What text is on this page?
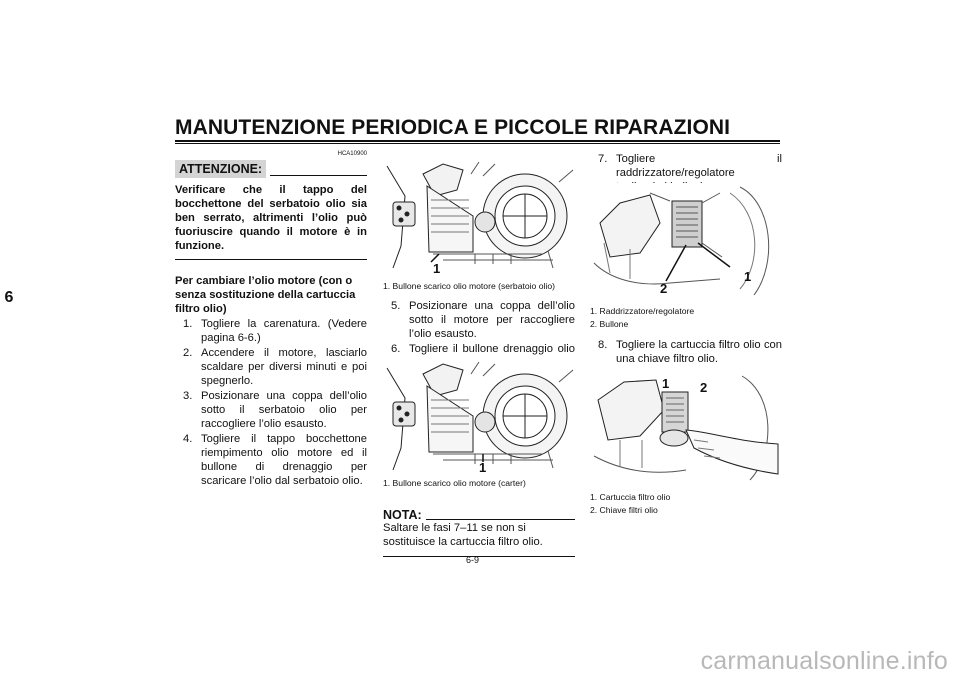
MANUTENZIONE PERIODICA E PICCOLE RIPARAZIONI
6
HCA10900
ATTENZIONE:
Verificare che il tappo del bocchettone del serbatoio olio sia ben serrato, altrimenti l’olio può fuoriuscire quando il motore è in funzione.
Per cambiare l’olio motore (con o senza sostituzione della cartuccia filtro olio)
1. Togliere la carenatura. (Vedere pagina 6-6.)
2. Accendere il motore, lasciarlo scaldare per diversi minuti e poi spegnerlo.
3. Posizionare una coppa dell’olio sotto il serbatoio olio per raccogliere l’olio esausto.
4. Togliere il tappo bocchettone riempimento olio motore ed il bullone di drenaggio per scaricare l’olio dal serbatoio olio.
1
1. Bullone scarico olio motore (serbatoio olio)
5. Posizionare una coppa dell’olio sotto il motore per raccogliere l’olio esausto.
6. Togliere il bullone drenaggio olio
1
1. Bullone scarico olio motore (carter)
NOTA:
Saltare le fasi 7–11 se non si sostituisce la cartuccia filtro olio.
7. Togliere il raddrizzatore/regolatore
1
2
1. Raddrizzatore/regolatore
2. Bullone
8. Togliere la cartuccia filtro olio con una chiave filtro olio.
1 2
1. Cartuccia filtro olio
2. Chiave filtri olio
6-9
carmanualsonline.info
